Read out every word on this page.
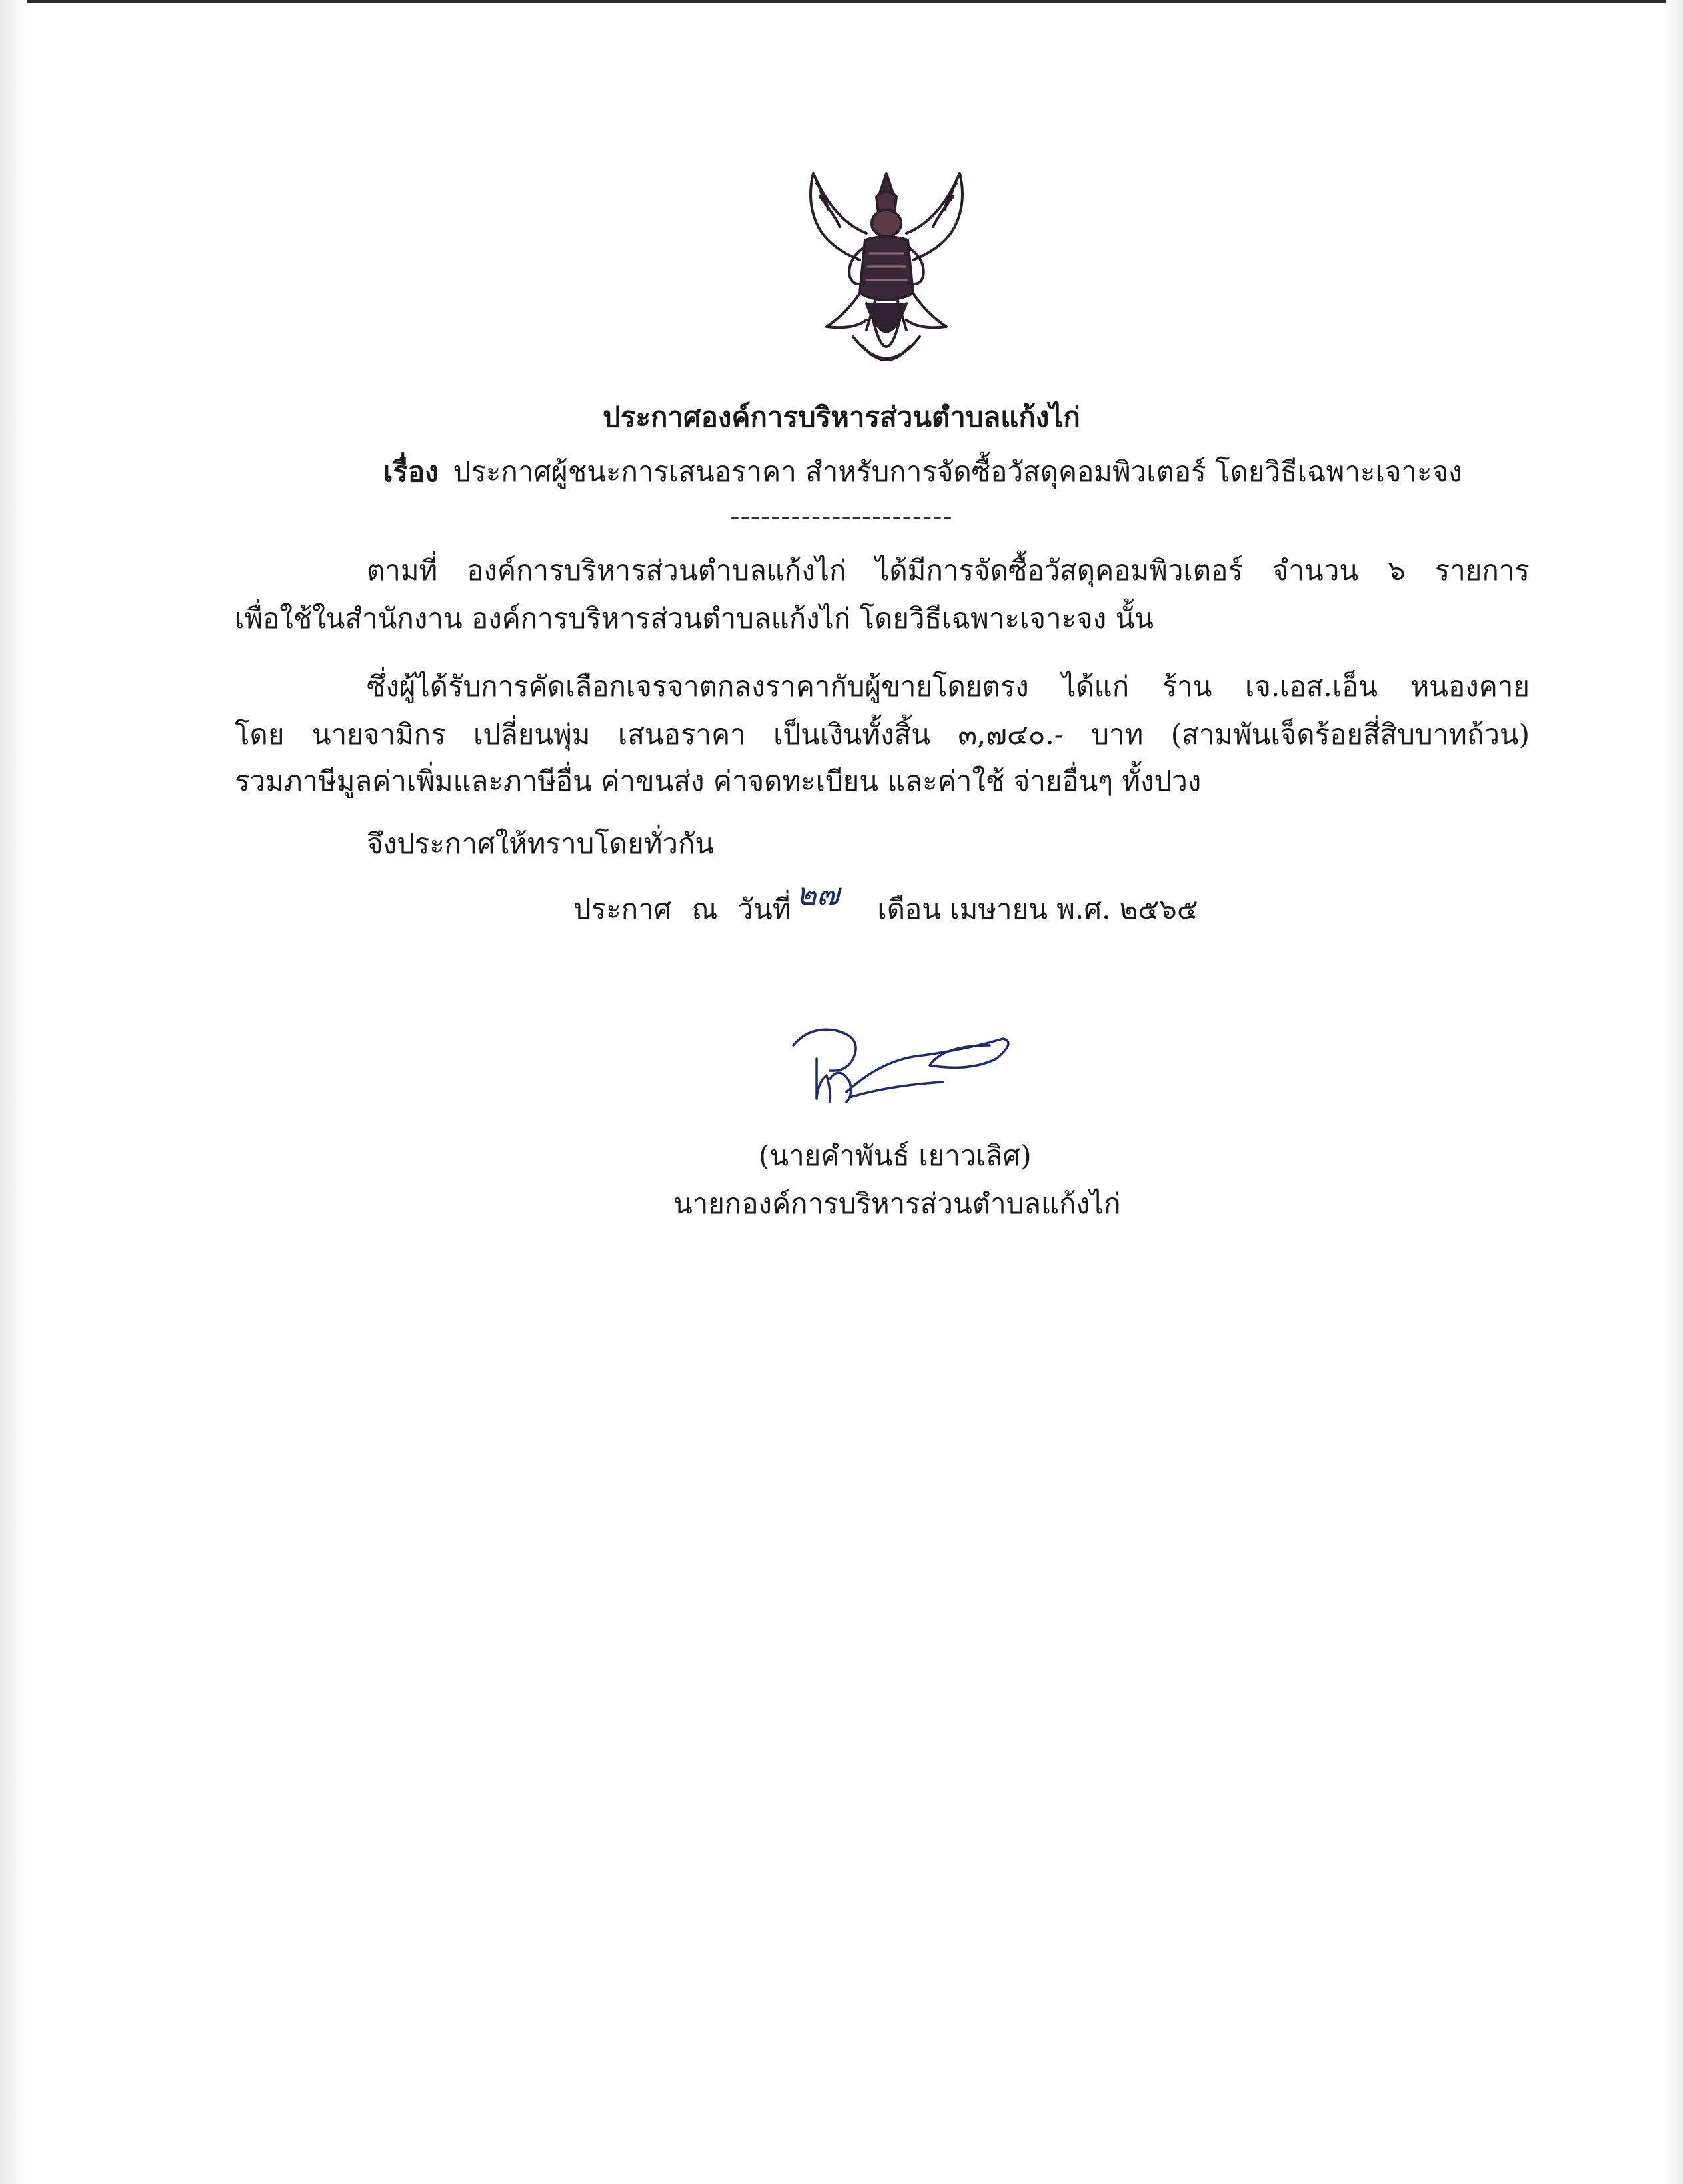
ประกาศองค์การบริหารส่วนตำบลแก้งไก่
เรื่อง ประกาศผู้ชนะการเสนอราคา สำหรับการจัดซื้อวัสดุคอมพิวเตอร์ โดยวิธีเฉพาะเจาะจง
----------------------
ตามที่ องค์การบริหารส่วนตำบลแก้งไก่ ได้มีการจัดซื้อวัสดุคอมพิวเตอร์ จำนวน ๖ รายการ
เพื่อใช้ในสำนักงาน องค์การบริหารส่วนตำบลแก้งไก่ โดยวิธีเฉพาะเจาะจง นั้น
ซึ่งผู้ได้รับการคัดเลือกเจรจาตกลงราคากับผู้ขายโดยตรง ได้แก่ ร้าน เจ.เอส.เอ็น หนองคาย
โดย นายจามิกร เปลี่ยนพุ่ม เสนอราคา เป็นเงินทั้งสิ้น ๓,๗๔๐.- บาท (สามพันเจ็ดร้อยสี่สิบบาทถ้วน)
รวมภาษีมูลค่าเพิ่มและภาษีอื่น ค่าขนส่ง ค่าจดทะเบียน และค่าใช้ จ่ายอื่นๆ ทั้งปวง
จึงประกาศให้ทราบโดยทั่วกัน
ประกาศ ณ วันที่ ๒๗ เดือน เมษายน พ.ศ. ๒๕๖๕
(นายคำพันธ์ เยาวเลิศ)
นายกองค์การบริหารส่วนตำบลแก้งไก่
